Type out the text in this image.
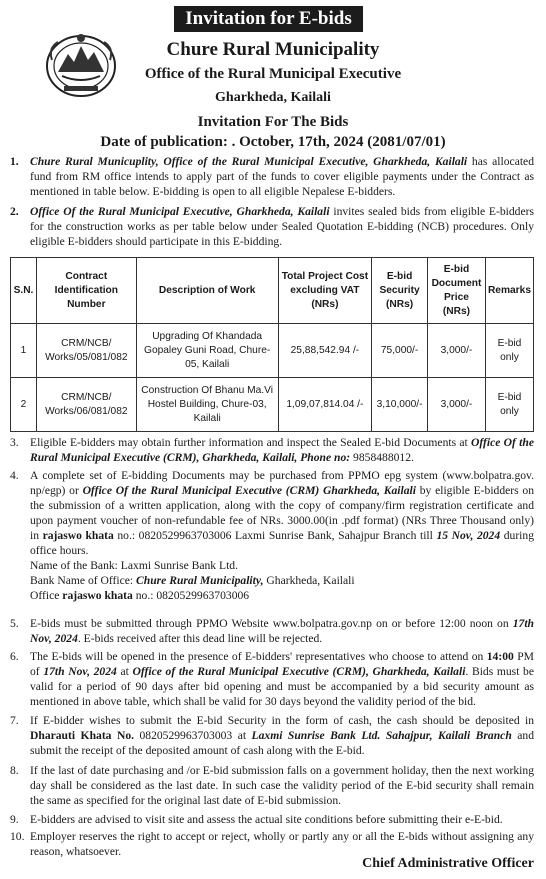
Invitation for E-bids
Chure Rural Municipality
Office of the Rural Municipal Executive
Gharkheda, Kailali
Invitation For The Bids
Date of publication: . October, 17th, 2024 (2081/07/01)
1. Chure Rural Municuplity, Office of the Rural Municipal Executive, Gharkheda, Kailali has allocated fund from RM office intends to apply part of the funds to cover eligible payments under the Contract as mentioned in table below. E-bidding is open to all eligible Nepalese E-bidders.
2. Office Of the Rural Municipal Executive, Gharkheda, Kailali invites sealed bids from eligible E-bidders for the construction works as per table below under Sealed Quotation E-bidding (NCB) procedures. Only eligible E-bidders should participate in this E-bidding.
S.N.	Contract Identification Number	Description of Work	Total Project Cost excluding VAT (NRs)	E-bid Security (NRs)	E-bid Document Price (NRs)	Remarks
1	CRM/NCB/ Works/05/081/082	Upgrading Of Khandada Gopaley Guni Road, Chure-05, Kailali	25,88,542.94 /-	75,000/-	3,000/-	E-bid only
2	CRM/NCB/ Works/06/081/082	Construction Of Bhanu Ma.Vi Hostel Building, Chure-03, Kailali	1,09,07,814.04 /-	3,10,000/-	3,000/-	E-bid only
3. Eligible E-bidders may obtain further information and inspect the Sealed E-bid Documents at Office Of the Rural Municipal Executive (CRM), Gharkheda, Kailali, Phone no: 9858488012.
4. A complete set of E-bidding Documents may be purchased from PPMO epg system (www.bolpatra.gov. np/egp) or Office Of the Rural Municipal Executive (CRM) Gharkheda, Kailali by eligible E-bidders on the submission of a written application, along with the copy of company/firm registration certificate and upon payment voucher of non-refundable fee of NRs. 3000.00(in .pdf format) (NRs Three Thousand only) in rajaswo khata no.: 0820529963703006 Laxmi Sunrise Bank, Sahajpur Branch till 15 Nov, 2024 during office hours.
Name of the Bank: Laxmi Sunrise Bank Ltd.
Bank Name of Office: Chure Rural Municipality, Gharkheda, Kailali
Office rajaswo khata no.: 0820529963703006
5. E-bids must be submitted through PPMO Website www.bolpatra.gov.np on or before 12:00 noon on 17th Nov, 2024. E-bids received after this dead line will be rejected.
6. The E-bids will be opened in the presence of E-bidders' representatives who choose to attend on 14:00 PM of 17th Nov, 2024 at Office of the Rural Municipal Executive (CRM), Gharkheda, Kailali. Bids must be valid for a period of 90 days after bid opening and must be accompanied by a bid security amount as mentioned in above table, which shall be valid for 30 days beyond the validity period of the bid.
7. If E-bidder wishes to submit the E-bid Security in the form of cash, the cash should be deposited in Dharauti Khata No. 0820529963703003 at Laxmi Sunrise Bank Ltd. Sahajpur, Kailali Branch and submit the receipt of the deposited amount of cash along with the E-bid.
8. If the last of date purchasing and /or E-bid submission falls on a government holiday, then the next working day shall be considered as the last date. In such case the validity period of the E-bid security shall remain the same as specified for the original last date of E-bid submission.
9. E-bidders are advised to visit site and assess the actual site conditions before submitting their e-E-bid.
10. Employer reserves the right to accept or reject, wholly or partly any or all the E-bids without assigning any reason, whatsoever.
Chief Administrative Officer
